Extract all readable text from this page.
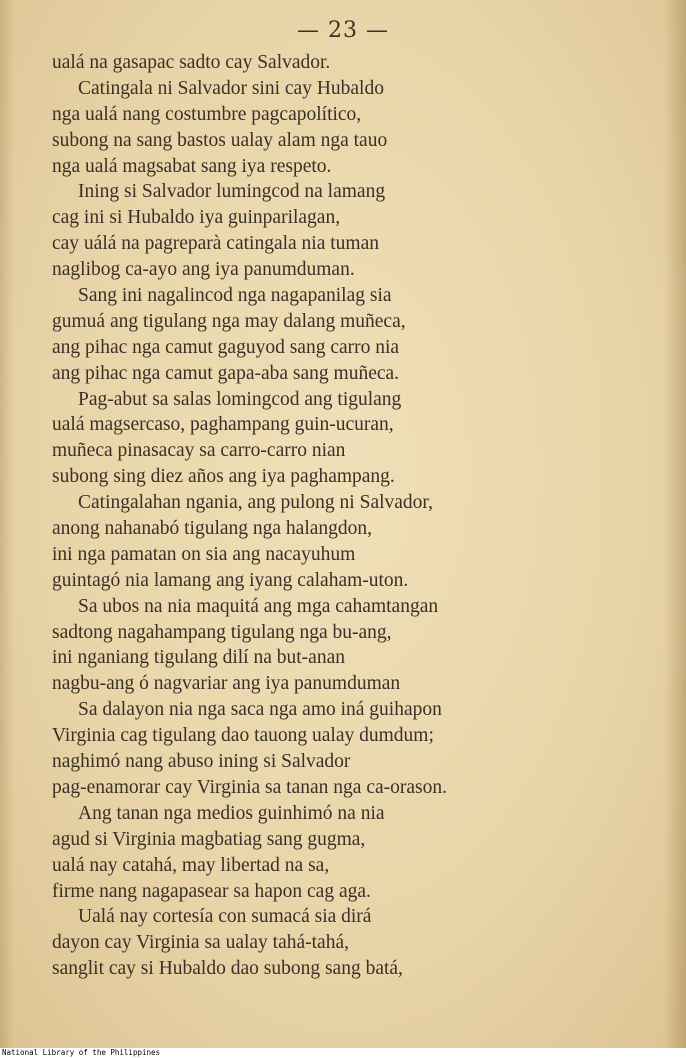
— 23 —
ualá na gasapac sadto cay Salvador.
Catingala ni Salvador sini cay Hubaldo
nga ualá nang costumbre pagcapolítico,
subong na sang bastos ualay alam nga tauo
nga ualá magsabat sang iya respeto.
Ining si Salvador lumingcod na lamang
cag ini si Hubaldo iya guinparilagan,
cay uálá na pagreparà catingala nia tuman
naglibog ca-ayo ang iya panumduman.
Sang ini nagalincod nga nagapanilag sia
gumuá ang tigulang nga may dalang muñeca,
ang pihac nga camut gaguyod sang carro nia
ang pihac nga camut gapa-aba sang muñeca.
Pag-abut sa salas lomingcod ang tigulang
ualá magsercaso, paghampang guin-ucuran,
muñeca pinasacay sa carro-carro nian
subong sing diez años ang iya paghampang.
Catingalahan ngania, ang pulong ni Salvador,
anong nahanabó tigulang nga halangdon,
ini nga pamatan on sia ang nacayuhum
guintagó nia lamang ang iyang calaham-uton.
Sa ubos na nia maquitá ang mga cahamtangan
sadtong nagahampang tigulang nga bu-ang,
ini nganiang tigulang dilí na but-anan
nagbu-ang ó nagvariar ang iya panumduman
Sa dalayon nia nga saca nga amo iná guihapon
Virginia cag tigulang dao tauong ualay dumdum;
naghimó nang abuso ining si Salvador
pag-enamorar cay Virginia sa tanan nga ca-orason.
Ang tanan nga medios guinhimó na nia
agud si Virginia magbatiag sang gugma,
ualá nay catahá, may libertad na sa,
firme nang nagapasear sa hapon cag aga.
Ualá nay cortesía con sumacá sia dirá
dayon cay Virginia sa ualay tahá-tahá,
sanglit cay si Hubaldo dao subong sang batá,
National Library of the Philippines
